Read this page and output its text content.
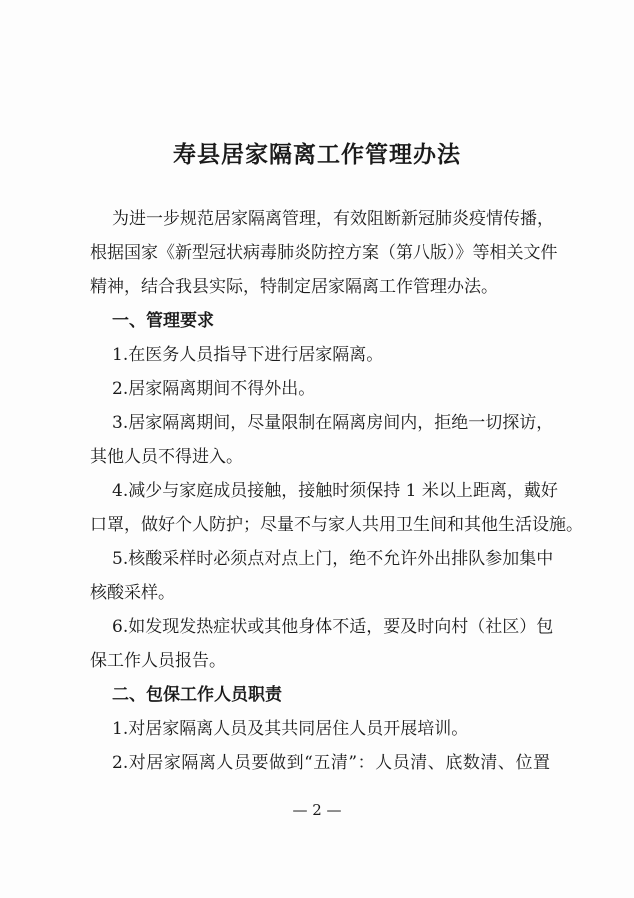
寿县居家隔离工作管理办法
为进一步规范居家隔离管理，有效阻断新冠肺炎疫情传播，
根据国家《新型冠状病毒肺炎防控方案（第八版）》等相关文件
精神，结合我县实际，特制定居家隔离工作管理办法。
一、管理要求
1.在医务人员指导下进行居家隔离。
2.居家隔离期间不得外出。
3.居家隔离期间，尽量限制在隔离房间内，拒绝一切探访，
其他人员不得进入。
4.减少与家庭成员接触，接触时须保持 1 米以上距离，戴好
口罩，做好个人防护；尽量不与家人共用卫生间和其他生活设施。
5.核酸采样时必须点对点上门，绝不允许外出排队参加集中
核酸采样。
6.如发现发热症状或其他身体不适，要及时向村（社区）包
保工作人员报告。
二、包保工作人员职责
1.对居家隔离人员及其共同居住人员开展培训。
2.对居家隔离人员要做到“五清”：人员清、底数清、位置
— 2 —
